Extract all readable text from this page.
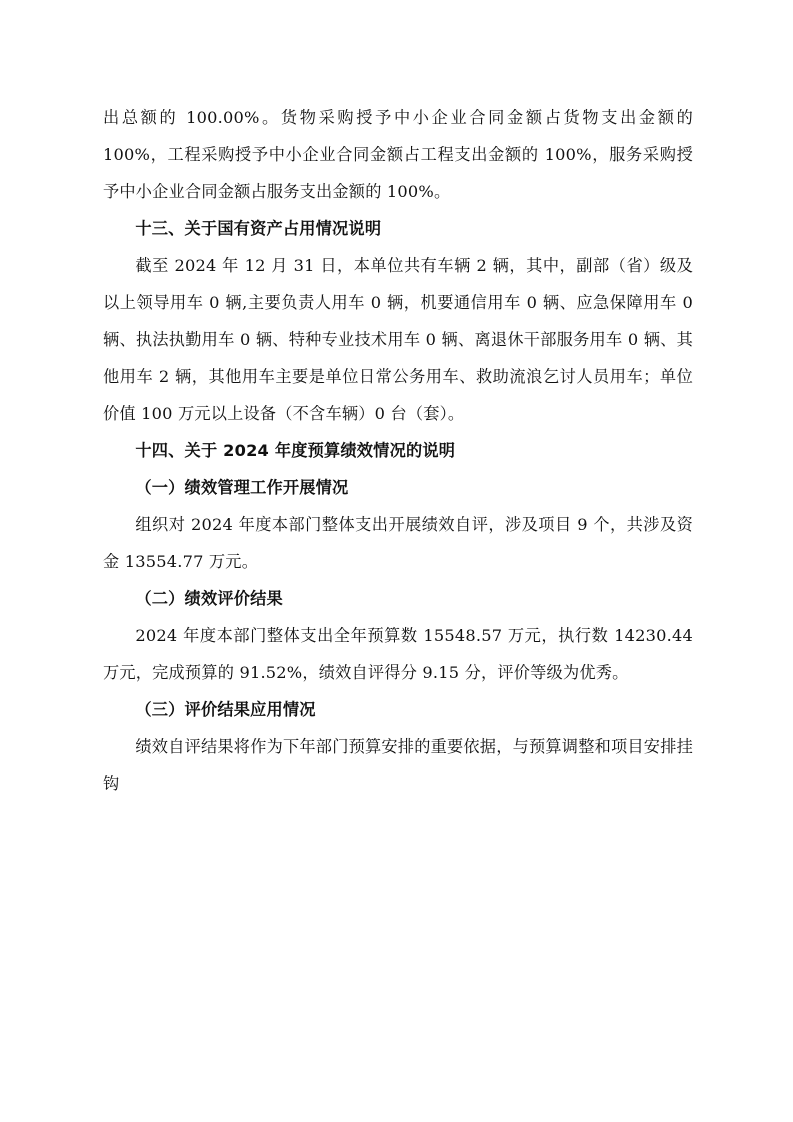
出总额的 100.00%。货物采购授予中小企业合同金额占货物支出金额的 100%，工程采购授予中小企业合同金额占工程支出金额的 100%，服务采购授予中小企业合同金额占服务支出金额的 100%。

十三、关于国有资产占用情况说明

截至 2024 年 12 月 31 日，本单位共有车辆 2 辆，其中，副部（省）级及以上领导用车 0 辆,主要负责人用车 0 辆，机要通信用车 0 辆、应急保障用车 0 辆、执法执勤用车 0 辆、特种专业技术用车 0 辆、离退休干部服务用车 0 辆、其他用车 2 辆，其他用车主要是单位日常公务用车、救助流浪乞讨人员用车；单位价值 100 万元以上设备（不含车辆）0 台（套）。

十四、关于 2024 年度预算绩效情况的说明

（一）绩效管理工作开展情况

组织对 2024 年度本部门整体支出开展绩效自评，涉及项目 9 个，共涉及资金 13554.77 万元。

（二）绩效评价结果

2024 年度本部门整体支出全年预算数 15548.57 万元，执行数 14230.44 万元，完成预算的 91.52%，绩效自评得分 9.15 分，评价等级为优秀。

（三）评价结果应用情况

绩效自评结果将作为下年部门预算安排的重要依据，与预算调整和项目安排挂钩
